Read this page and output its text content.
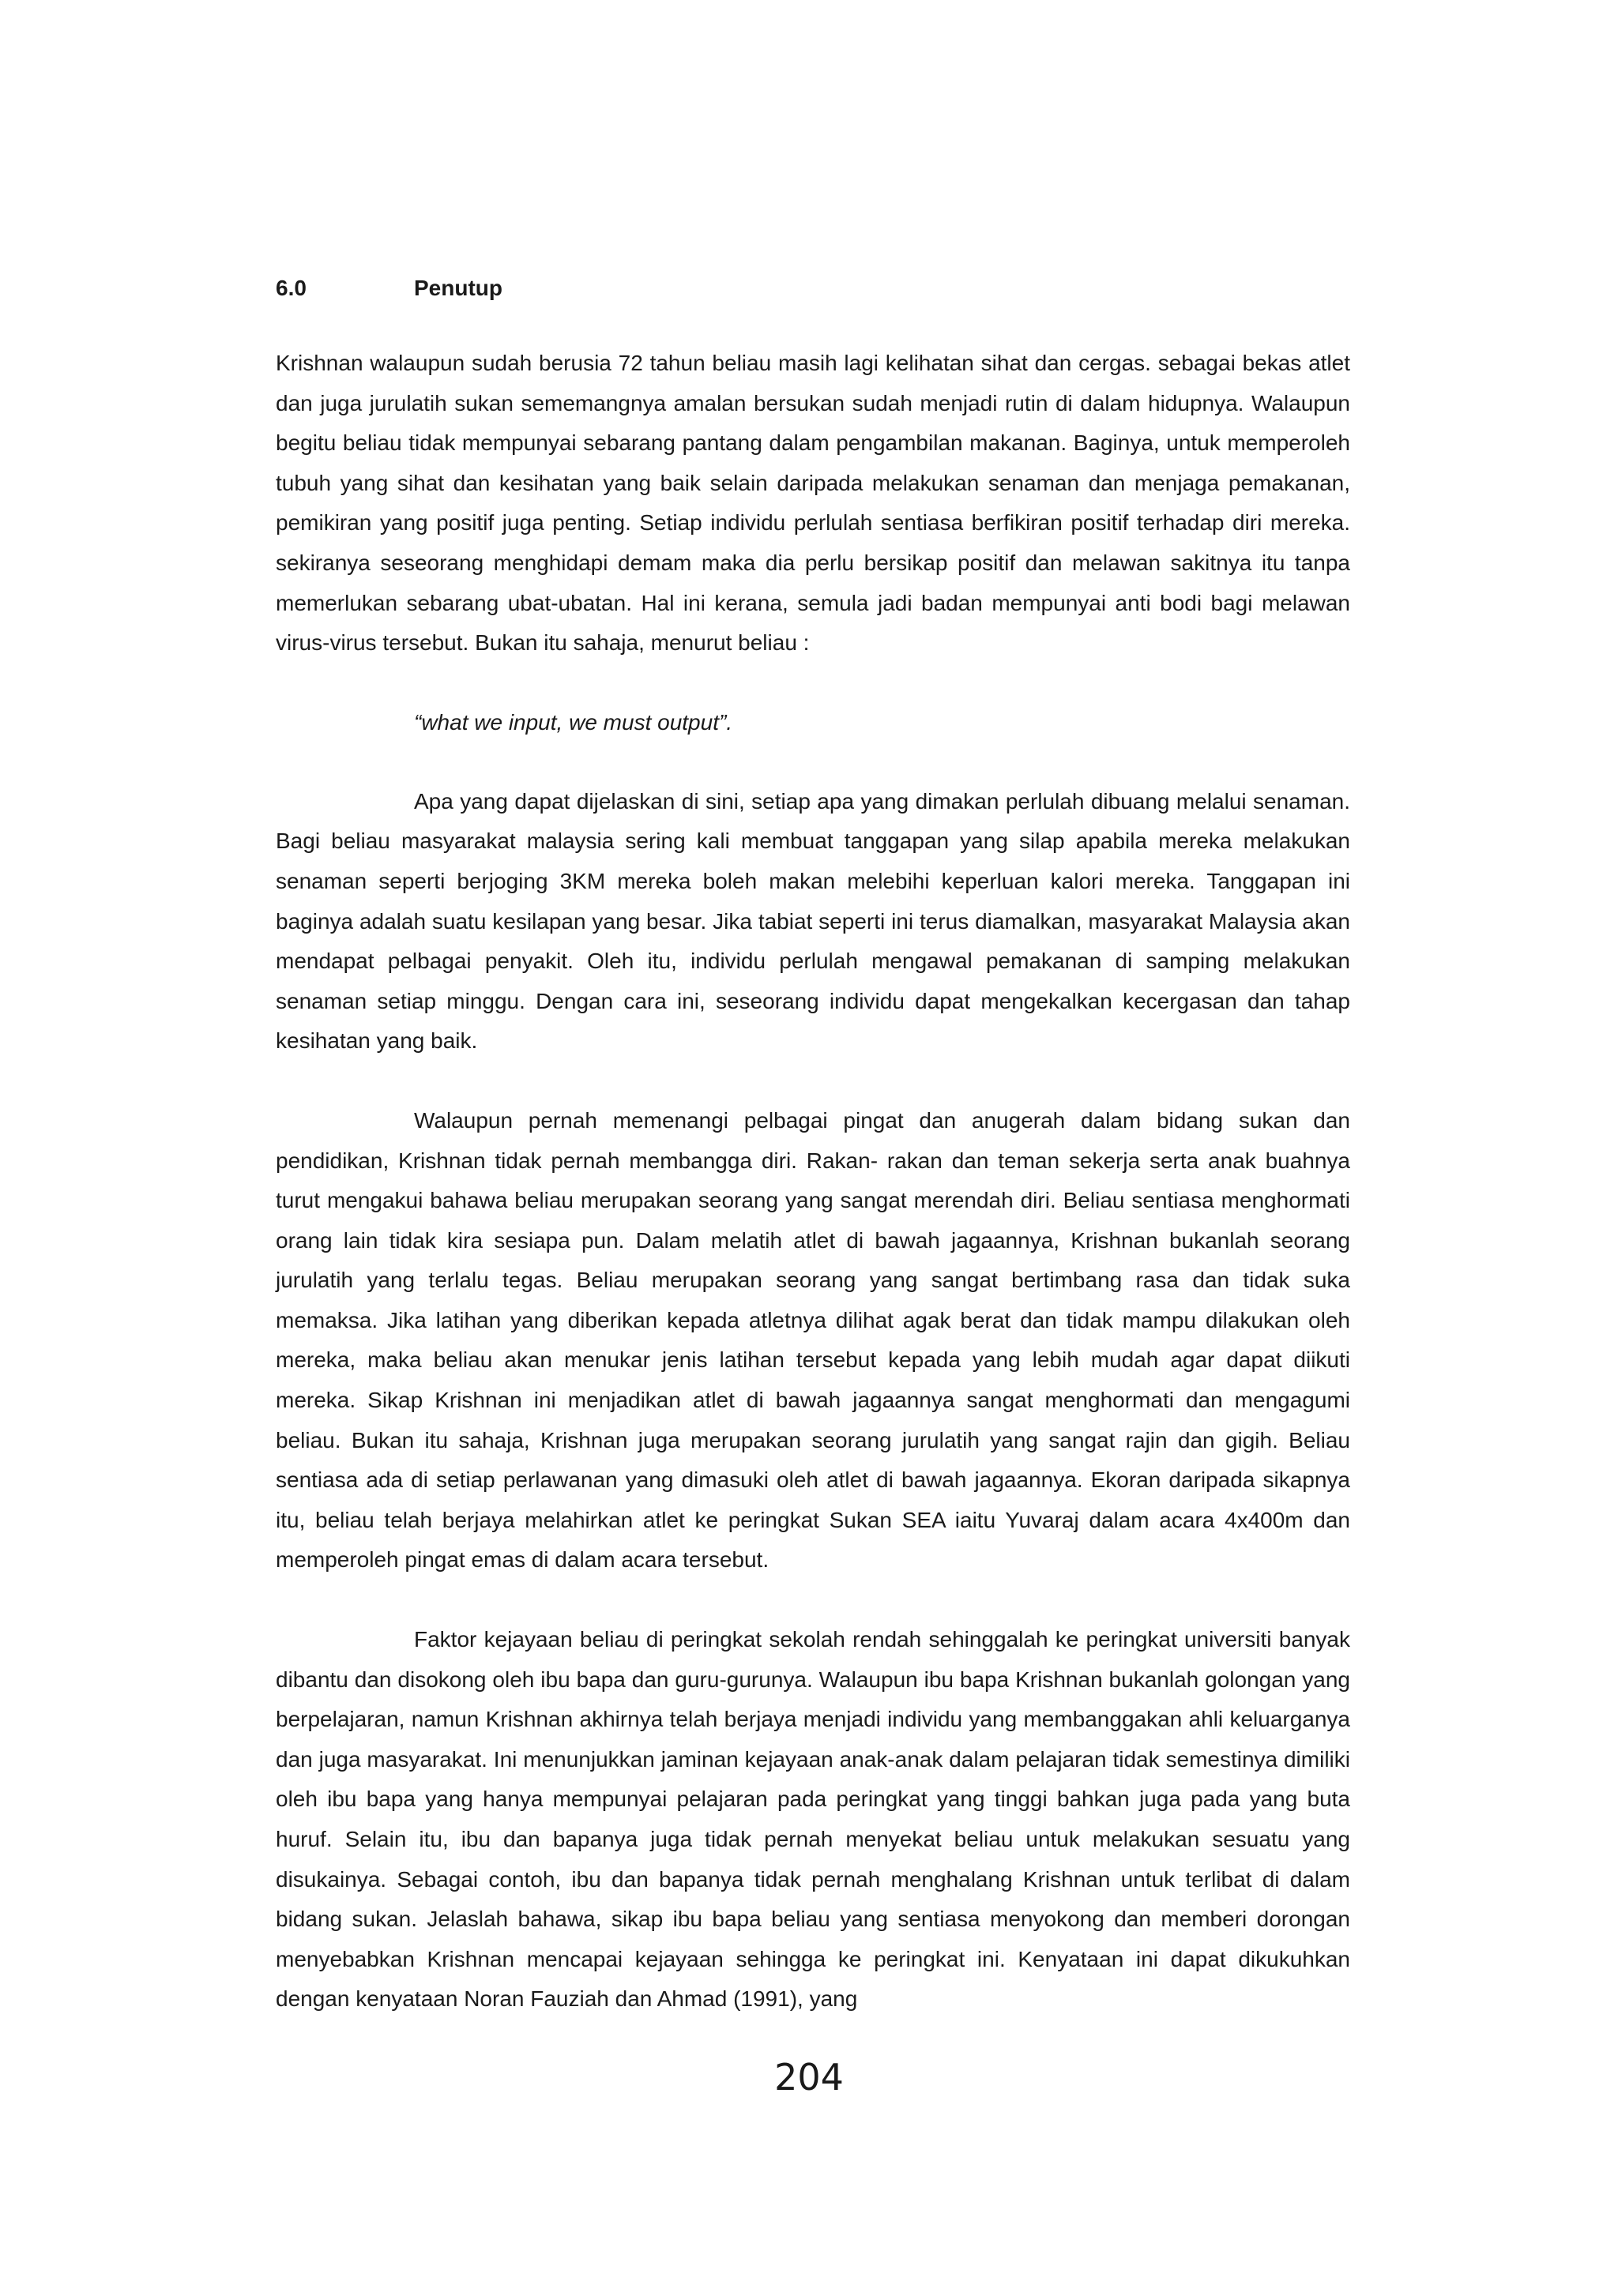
6.0	Penutup

Krishnan walaupun sudah berusia 72 tahun beliau masih lagi kelihatan sihat dan cergas. sebagai bekas atlet dan juga jurulatih sukan sememangnya amalan bersukan sudah menjadi rutin di dalam hidupnya. Walaupun begitu beliau tidak mempunyai sebarang pantang dalam pengambilan makanan. Baginya, untuk memperoleh tubuh yang sihat dan kesihatan yang baik selain daripada melakukan senaman dan menjaga pemakanan, pemikiran yang positif juga penting. Setiap individu perlulah sentiasa berfikiran positif terhadap diri mereka. sekiranya seseorang menghidapi demam maka dia perlu bersikap positif dan melawan sakitnya itu tanpa memerlukan sebarang ubat-ubatan. Hal ini kerana, semula jadi badan mempunyai anti bodi bagi melawan virus-virus tersebut. Bukan itu sahaja, menurut beliau :

“what we input, we must output”.

Apa yang dapat dijelaskan di sini, setiap apa yang dimakan perlulah dibuang melalui senaman. Bagi beliau masyarakat malaysia sering kali membuat tanggapan yang silap apabila mereka melakukan senaman seperti berjoging 3KM mereka boleh makan melebihi keperluan kalori mereka. Tanggapan ini baginya adalah suatu kesilapan yang besar. Jika tabiat seperti ini terus diamalkan, masyarakat Malaysia akan mendapat pelbagai penyakit. Oleh itu, individu perlulah mengawal pemakanan di samping melakukan senaman setiap minggu. Dengan cara ini, seseorang individu dapat mengekalkan kecergasan dan tahap kesihatan yang baik.

Walaupun pernah memenangi pelbagai pingat dan anugerah dalam bidang sukan dan pendidikan, Krishnan tidak pernah membangga diri. Rakan- rakan dan teman sekerja serta anak buahnya turut mengakui bahawa beliau merupakan seorang yang sangat merendah diri. Beliau sentiasa menghormati orang lain tidak kira sesiapa pun. Dalam melatih atlet di bawah jagaannya, Krishnan bukanlah seorang jurulatih yang terlalu tegas. Beliau merupakan seorang yang sangat bertimbang rasa dan tidak suka memaksa. Jika latihan yang diberikan kepada atletnya dilihat agak berat dan tidak mampu dilakukan oleh mereka, maka beliau akan menukar jenis latihan tersebut kepada yang lebih mudah agar dapat diikuti mereka. Sikap Krishnan ini menjadikan atlet di bawah jagaannya sangat menghormati dan mengagumi beliau. Bukan itu sahaja, Krishnan juga merupakan seorang jurulatih yang sangat rajin dan gigih. Beliau sentiasa ada di setiap perlawanan yang dimasuki oleh atlet di bawah jagaannya. Ekoran daripada sikapnya itu, beliau telah berjaya melahirkan atlet ke peringkat Sukan SEA iaitu Yuvaraj dalam acara 4x400m dan memperoleh pingat emas di dalam acara tersebut.

Faktor kejayaan beliau di peringkat sekolah rendah sehinggalah ke peringkat universiti banyak dibantu dan disokong oleh ibu bapa dan guru-gurunya. Walaupun ibu bapa Krishnan bukanlah golongan yang berpelajaran, namun Krishnan akhirnya telah berjaya menjadi individu yang membanggakan ahli keluarganya dan juga masyarakat. Ini menunjukkan jaminan kejayaan anak-anak dalam pelajaran tidak semestinya dimiliki oleh ibu bapa yang hanya mempunyai pelajaran pada peringkat yang tinggi bahkan juga pada yang buta huruf. Selain itu, ibu dan bapanya juga tidak pernah menyekat beliau untuk melakukan sesuatu yang disukainya. Sebagai contoh, ibu dan bapanya tidak pernah menghalang Krishnan untuk terlibat di dalam bidang sukan. Jelaslah bahawa, sikap ibu bapa beliau yang sentiasa menyokong dan memberi dorongan menyebabkan Krishnan mencapai kejayaan sehingga ke peringkat ini. Kenyataan ini dapat dikukuhkan dengan kenyataan Noran Fauziah dan Ahmad (1991), yang

204
